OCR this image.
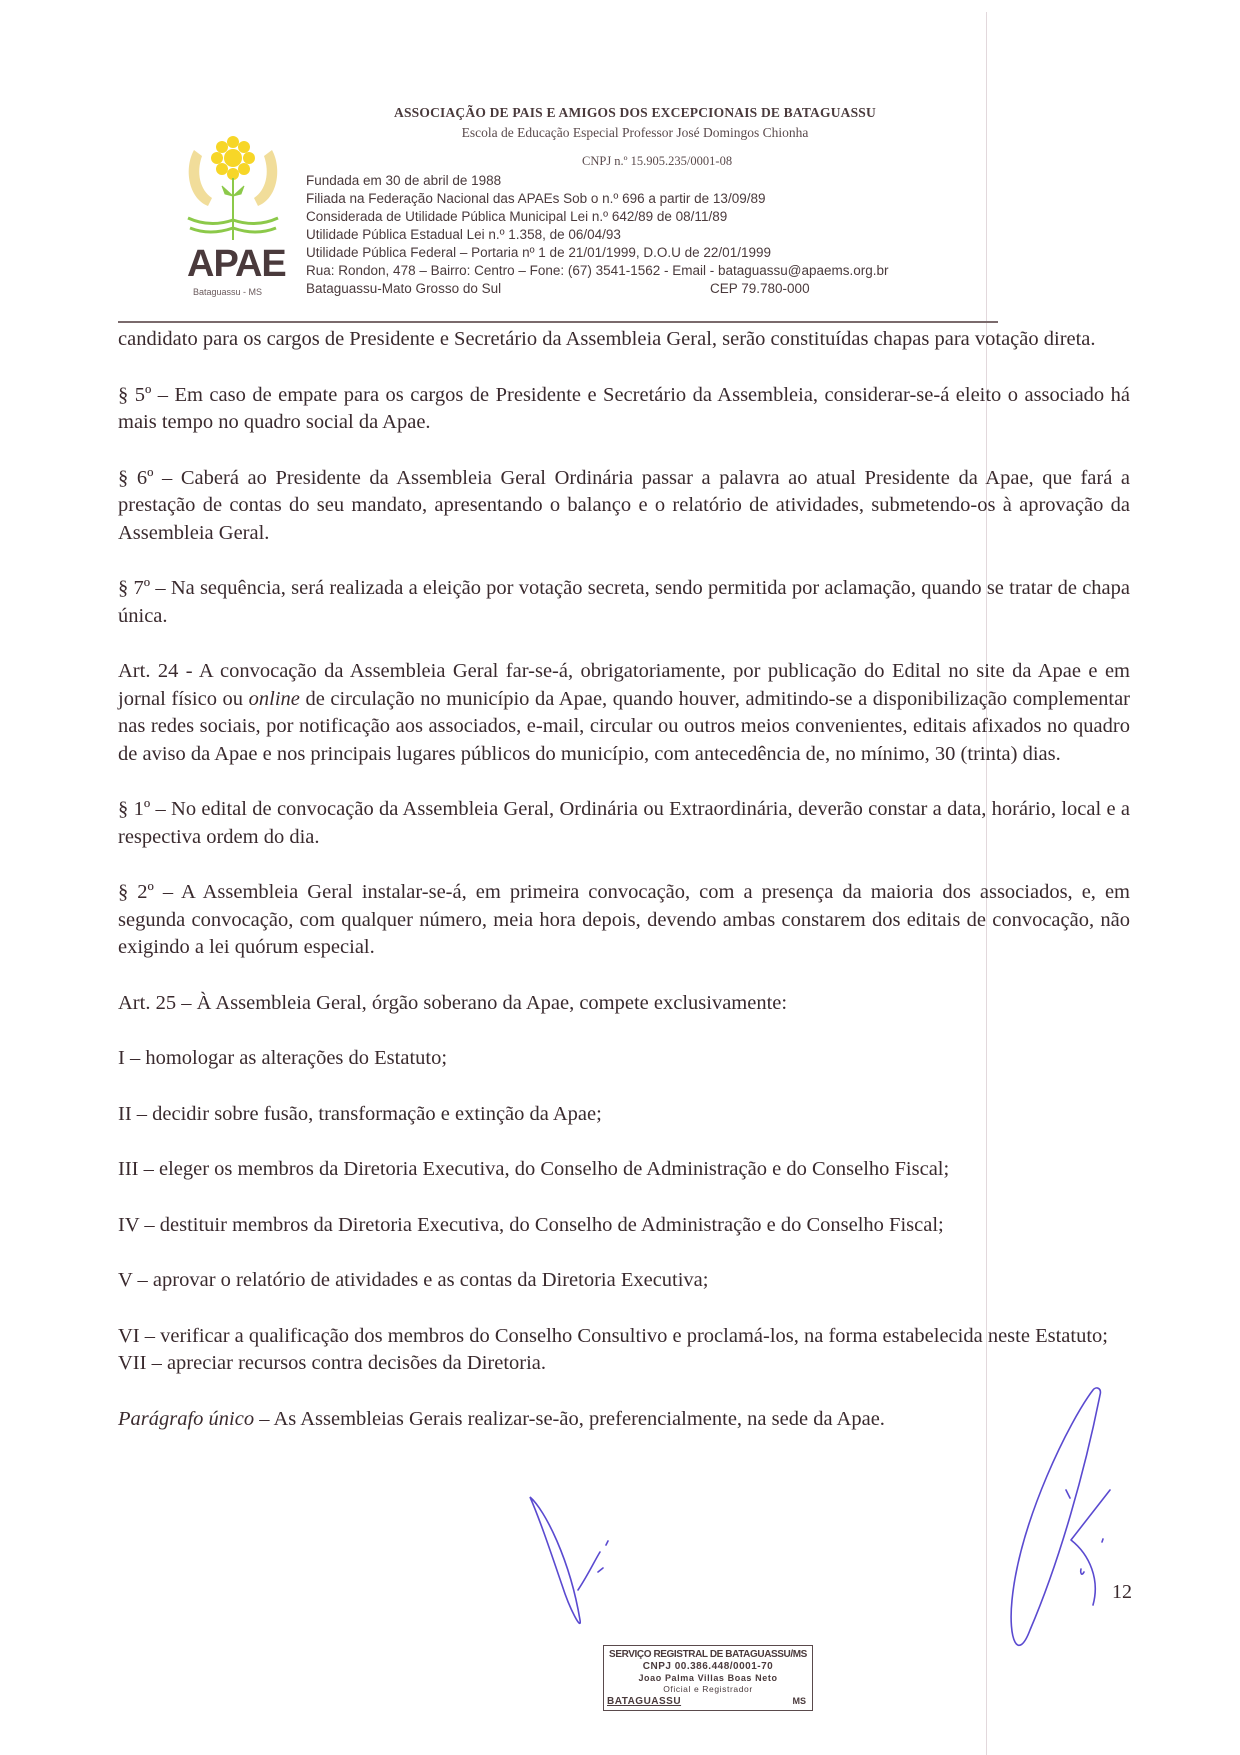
APAE
Bataguassu - MS
ASSOCIAÇÃO DE PAIS E AMIGOS DOS EXCEPCIONAIS DE BATAGUASSU
Escola de Educação Especial Professor José Domingos Chionha
CNPJ n.º 15.905.235/0001-08
Fundada em 30 de abril de 1988
Filiada na Federação Nacional das APAEs Sob o n.º 696 a partir de 13/09/89
Considerada de Utilidade Pública Municipal Lei n.º 642/89 de 08/11/89
Utilidade Pública Estadual Lei n.º 1.358, de 06/04/93
Utilidade Pública Federal – Portaria nº 1 de 21/01/1999, D.O.U de 22/01/1999
Rua: Rondon, 478 – Bairro: Centro – Fone: (67) 3541-1562 - Email - bataguassu@apaems.org.br
Bataguassu-Mato Grosso do Sul	CEP 79.780-000

candidato para os cargos de Presidente e Secretário da Assembleia Geral, serão constituídas chapas para votação direta.

§ 5º – Em caso de empate para os cargos de Presidente e Secretário da Assembleia, considerar-se-á eleito o associado há mais tempo no quadro social da Apae.

§ 6º – Caberá ao Presidente da Assembleia Geral Ordinária passar a palavra ao atual Presidente da Apae, que fará a prestação de contas do seu mandato, apresentando o balanço e o relatório de atividades, submetendo-os à aprovação da Assembleia Geral.

§ 7º – Na sequência, será realizada a eleição por votação secreta, sendo permitida por aclamação, quando se tratar de chapa única.

Art. 24 - A convocação da Assembleia Geral far-se-á, obrigatoriamente, por publicação do Edital no site da Apae e em jornal físico ou online de circulação no município da Apae, quando houver, admitindo-se a disponibilização complementar nas redes sociais, por notificação aos associados, e-mail, circular ou outros meios convenientes, editais afixados no quadro de aviso da Apae e nos principais lugares públicos do município, com antecedência de, no mínimo, 30 (trinta) dias.

§ 1º – No edital de convocação da Assembleia Geral, Ordinária ou Extraordinária, deverão constar a data, horário, local e a respectiva ordem do dia.

§ 2º – A Assembleia Geral instalar-se-á, em primeira convocação, com a presença da maioria dos associados, e, em segunda convocação, com qualquer número, meia hora depois, devendo ambas constarem dos editais de convocação, não exigindo a lei quórum especial.

Art. 25 – À Assembleia Geral, órgão soberano da Apae, compete exclusivamente:

I – homologar as alterações do Estatuto;

II – decidir sobre fusão, transformação e extinção da Apae;

III – eleger os membros da Diretoria Executiva, do Conselho de Administração e do Conselho Fiscal;

IV – destituir membros da Diretoria Executiva, do Conselho de Administração e do Conselho Fiscal;

V – aprovar o relatório de atividades e as contas da Diretoria Executiva;

VI – verificar a qualificação dos membros do Conselho Consultivo e proclamá-los, na forma estabelecida neste Estatuto;

VII – apreciar recursos contra decisões da Diretoria.

Parágrafo único – As Assembleias Gerais realizar-se-ão, preferencialmente, na sede da Apae.

12
SERVIÇO REGISTRAL DE BATAGUASSU/MS
CNPJ 00.386.448/0001-70
Joao Palma Villas Boas Neto
Oficial e Registrador
BATAGUASSU	MS
